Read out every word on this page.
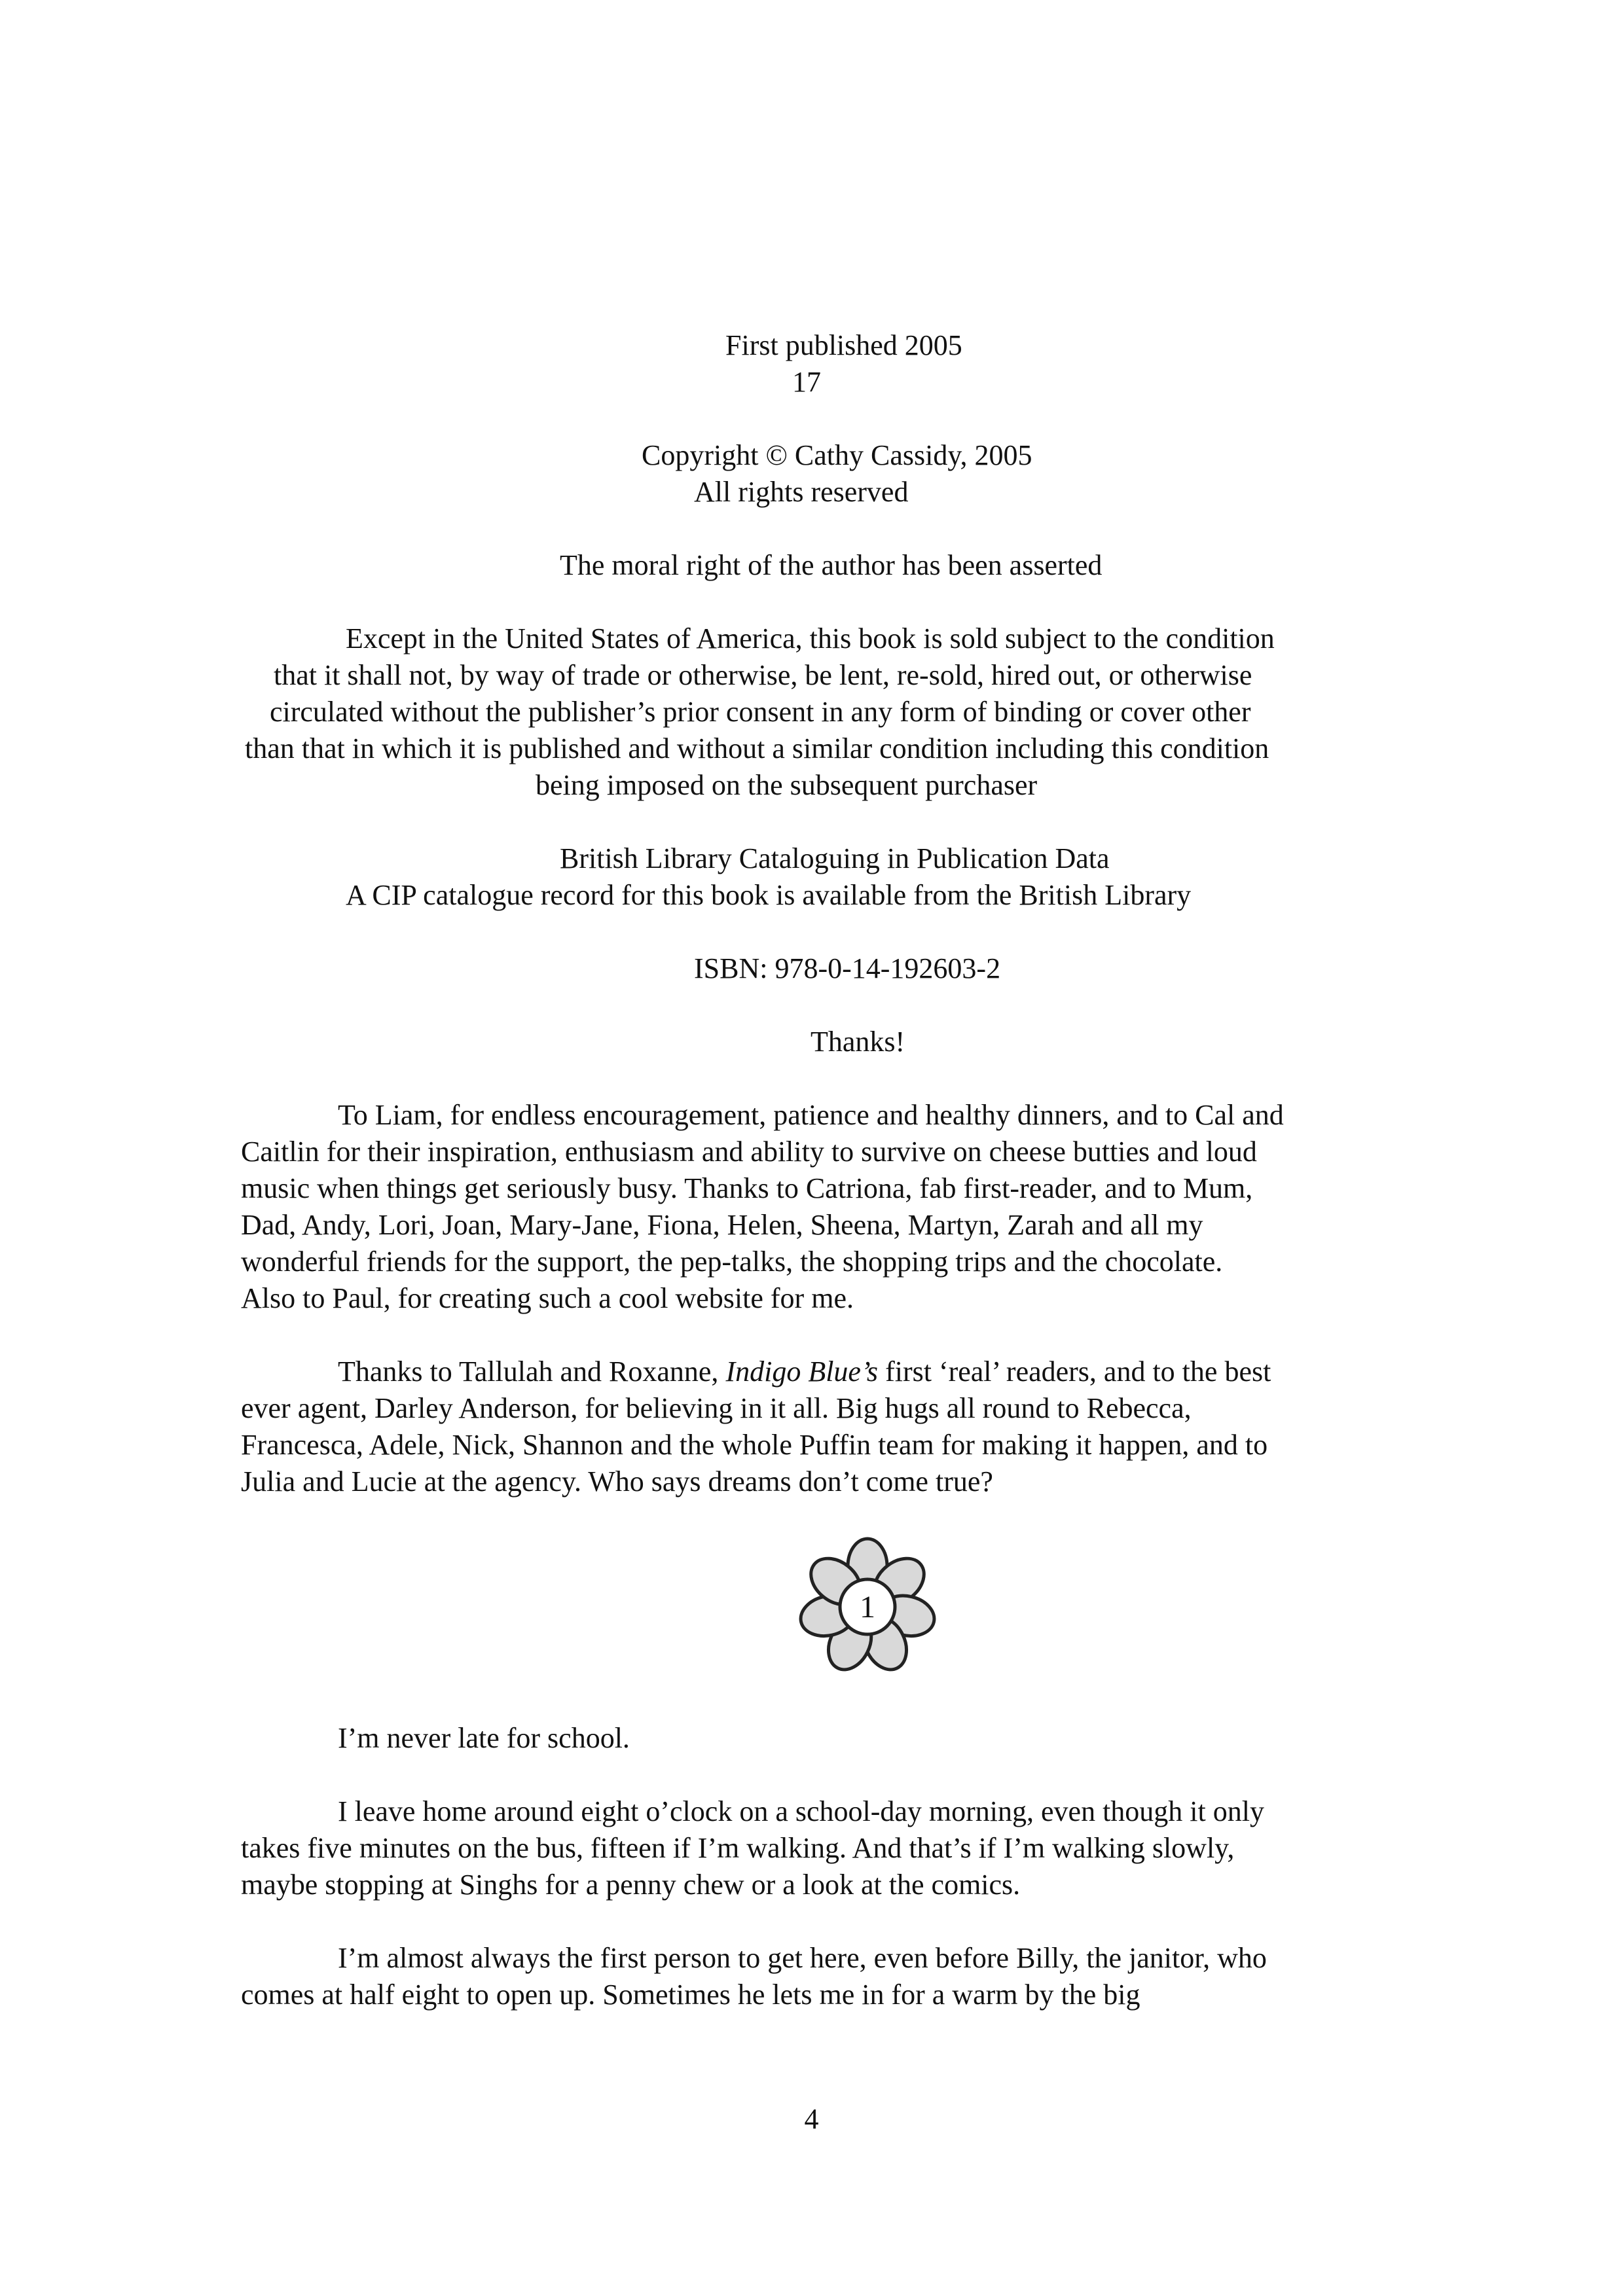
First published 2005
17
Copyright © Cathy Cassidy, 2005
All rights reserved
The moral right of the author has been asserted
Except in the United States of America, this book is sold subject to the condition
that it shall not, by way of trade or otherwise, be lent, re-sold, hired out, or otherwise
circulated without the publisher’s prior consent in any form of binding or cover other
than that in which it is published and without a similar condition including this condition
being imposed on the subsequent purchaser
British Library Cataloguing in Publication Data
A CIP catalogue record for this book is available from the British Library
ISBN: 978-0-14-192603-2
Thanks!
To Liam, for endless encouragement, patience and healthy dinners, and to Cal and
Caitlin for their inspiration, enthusiasm and ability to survive on cheese butties and loud
music when things get seriously busy. Thanks to Catriona, fab first-reader, and to Mum,
Dad, Andy, Lori, Joan, Mary-Jane, Fiona, Helen, Sheena, Martyn, Zarah and all my
wonderful friends for the support, the pep-talks, the shopping trips and the chocolate.
Also to Paul, for creating such a cool website for me.
Thanks to Tallulah and Roxanne, Indigo Blue’s first ‘real’ readers, and to the best
ever agent, Darley Anderson, for believing in it all. Big hugs all round to Rebecca,
Francesca, Adele, Nick, Shannon and the whole Puffin team for making it happen, and to
Julia and Lucie at the agency. Who says dreams don’t come true?
1
I’m never late for school.
I leave home around eight o’clock on a school-day morning, even though it only
takes five minutes on the bus, fifteen if I’m walking. And that’s if I’m walking slowly,
maybe stopping at Singhs for a penny chew or a look at the comics.
I’m almost always the first person to get here, even before Billy, the janitor, who
comes at half eight to open up. Sometimes he lets me in for a warm by the big
4
